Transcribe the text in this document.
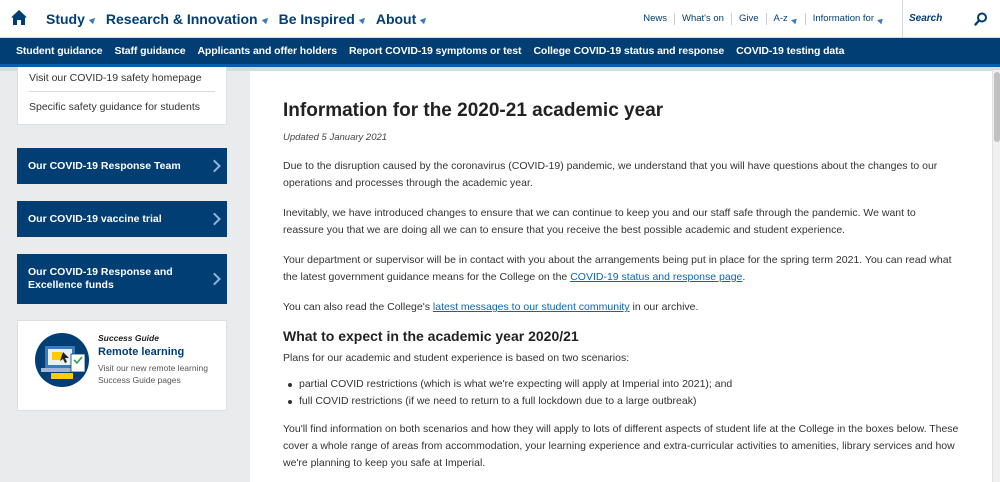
Study Research & Innovation Be Inspired About	News What's on Give A-z	Information for	Search
Student guidance Staff guidance Applicants and offer holders Report COVID-19 symptoms or test College COVID-19 status and response COVID-19 testing data
Visit our COVID-19 safety homepage
Specific safety guidance for students
Our COVID-19 Response Team
Our COVID-19 vaccine trial
Our COVID-19 Response and Excellence funds
Success Guide
Remote learning
Visit our new remote learning Success Guide pages
Information for the 2020-21 academic year
Updated 5 January 2021

Due to the disruption caused by the coronavirus (COVID-19) pandemic, we understand that you will have questions about the changes to our operations and processes through the academic year.

Inevitably, we have introduced changes to ensure that we can continue to keep you and our staff safe through the pandemic. We want to reassure you that we are doing all we can to ensure that you receive the best possible academic and student experience.

Your department or supervisor will be in contact with you about the arrangements being put in place for the spring term 2021. You can read what the latest government guidance means for the College on the COVID-19 status and response page.

You can also read the College's latest messages to our student community in our archive.

What to expect in the academic year 2020/21

Plans for our academic and student experience is based on two scenarios:

partial COVID restrictions (which is what we're expecting will apply at Imperial into 2021); and
full COVID restrictions (if we need to return to a full lockdown due to a large outbreak)

You'll find information on both scenarios and how they will apply to lots of different aspects of student life at the College in the boxes below. These cover a whole range of areas from accommodation, your learning experience and extra-curricular activities to amenities, library services and how we're planning to keep you safe at Imperial.
